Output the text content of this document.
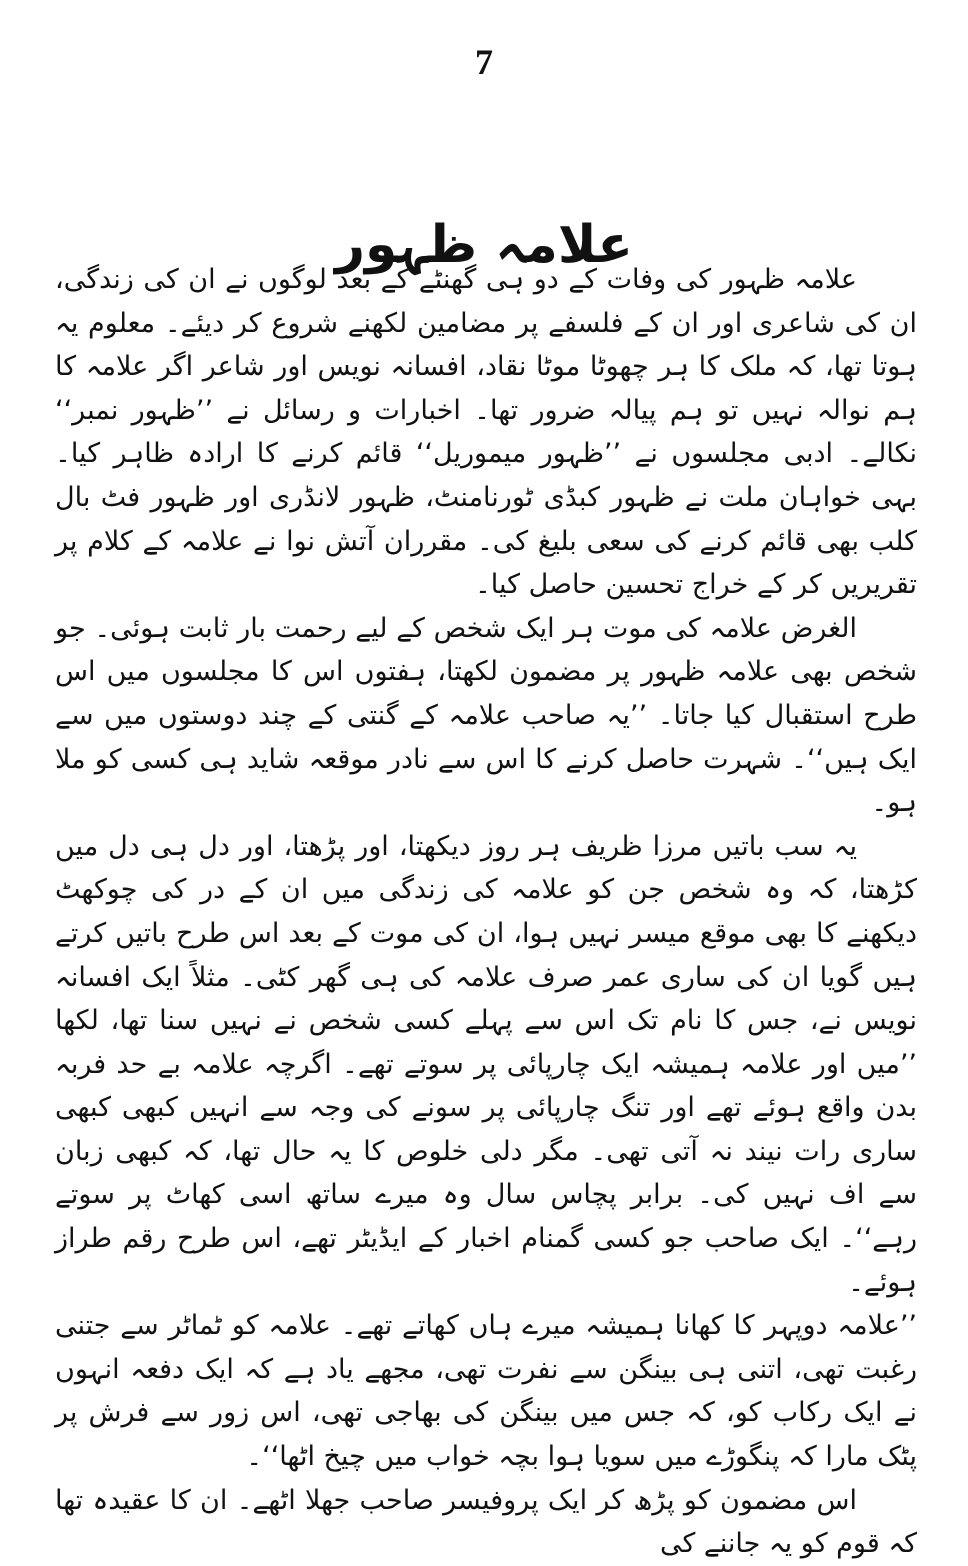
7
علامہ ظہور

علامہ ظہور کی وفات کے دو ہی گھنٹے کے بعد لوگوں نے ان کی زندگی، ان کی شاعری اور ان کے فلسفے پر مضامین لکھنے شروع کر دیئے۔ معلوم یہ ہوتا تھا، کہ ملک کا ہر چھوٹا موٹا نقاد، افسانہ نویس اور شاعر اگر علامہ کا ہم نوالہ نہیں تو ہم پیالہ ضرور تھا۔ اخبارات و رسائل نے ’’ظہور نمبر‘‘ نکالے۔ ادبی مجلسوں نے ’’ظہور میموریل‘‘ قائم کرنے کا ارادہ ظاہر کیا۔ بہی خواہان ملت نے ظہور کبڈی ٹورنامنٹ، ظہور لانڈری اور ظہور فٹ بال کلب بھی قائم کرنے کی سعی بلیغ کی۔ مقرران آتش نوا نے علامہ کے کلام پر تقریریں کر کے خراج تحسین حاصل کیا۔

الغرض علامہ کی موت ہر ایک شخص کے لیے رحمت بار ثابت ہوئی۔ جو شخص بھی علامہ ظہور پر مضمون لکھتا، ہفتوں اس کا مجلسوں میں اس طرح استقبال کیا جاتا۔ ’’یہ صاحب علامہ کے گنتی کے چند دوستوں میں سے ایک ہیں‘‘۔ شہرت حاصل کرنے کا اس سے نادر موقعہ شاید ہی کسی کو ملا ہو۔

یہ سب باتیں مرزا ظریف ہر روز دیکھتا، اور پڑھتا، اور دل ہی دل میں کڑھتا، کہ وہ شخص جن کو علامہ کی زندگی میں ان کے در کی چوکھٹ دیکھنے کا بھی موقع میسر نہیں ہوا، ان کی موت کے بعد اس طرح باتیں کرتے ہیں گویا ان کی ساری عمر صرف علامہ کی ہی گھر کٹی۔ مثلاً ایک افسانہ نویس نے، جس کا نام تک اس سے پہلے کسی شخص نے نہیں سنا تھا، لکھا ’’میں اور علامہ ہمیشہ ایک چارپائی پر سوتے تھے۔ اگرچہ علامہ بے حد فربہ بدن واقع ہوئے تھے اور تنگ چارپائی پر سونے کی وجہ سے انہیں کبھی کبھی ساری رات نیند نہ آتی تھی۔ مگر دلی خلوص کا یہ حال تھا، کہ کبھی زبان سے اف نہیں کی۔ برابر پچاس سال وہ میرے ساتھ اسی کھاٹ پر سوتے رہے‘‘۔ ایک صاحب جو کسی گمنام اخبار کے ایڈیٹر تھے، اس طرح رقم طراز ہوئے۔

’’علامہ دوپہر کا کھانا ہمیشہ میرے ہاں کھاتے تھے۔ علامہ کو ٹماٹر سے جتنی رغبت تھی، اتنی ہی بینگن سے نفرت تھی، مجھے یاد ہے کہ ایک دفعہ انہوں نے ایک رکاب کو، کہ جس میں بینگن کی بھاجی تھی، اس زور سے فرش پر پٹک مارا کہ پنگوڑے میں سویا ہوا بچہ خواب میں چیخ اٹھا‘‘۔

اس مضمون کو پڑھ کر ایک پروفیسر صاحب جھلا اٹھے۔ ان کا عقیدہ تھا کہ قوم کو یہ جاننے کی
